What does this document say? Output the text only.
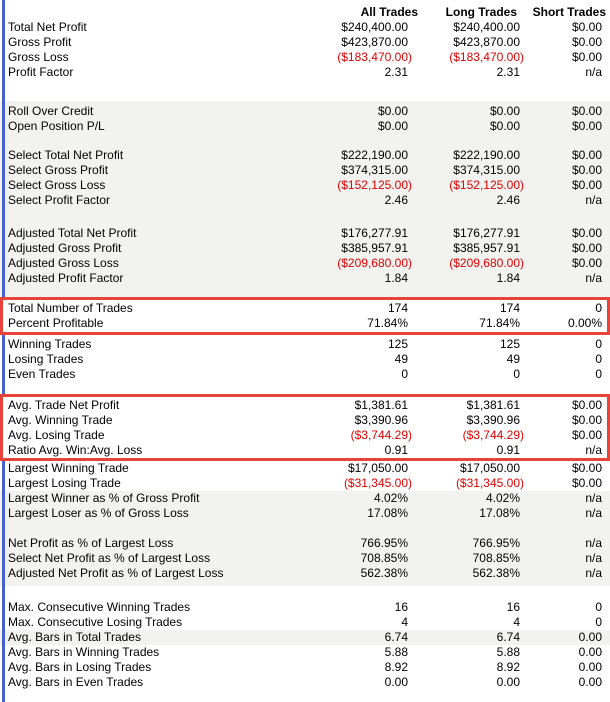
All Trades	Long Trades	Short Trades
Total Net Profit	$240,400.00	$240,400.00	$0.00
Gross Profit	$423,870.00	$423,870.00	$0.00
Gross Loss	($183,470.00)	($183,470.00)	$0.00
Profit Factor	2.31	2.31	n/a
Roll Over Credit	$0.00	$0.00	$0.00
Open Position P/L	$0.00	$0.00	$0.00
Select Total Net Profit	$222,190.00	$222,190.00	$0.00
Select Gross Profit	$374,315.00	$374,315.00	$0.00
Select Gross Loss	($152,125.00)	($152,125.00)	$0.00
Select Profit Factor	2.46	2.46	n/a
Adjusted Total Net Profit	$176,277.91	$176,277.91	$0.00
Adjusted Gross Profit	$385,957.91	$385,957.91	$0.00
Adjusted Gross Loss	($209,680.00)	($209,680.00)	$0.00
Adjusted Profit Factor	1.84	1.84	n/a
Total Number of Trades	174	174	0
Percent Profitable	71.84%	71.84%	0.00%
Winning Trades	125	125	0
Losing Trades	49	49	0
Even Trades	0	0	0
Avg. Trade Net Profit	$1,381.61	$1,381.61	$0.00
Avg. Winning Trade	$3,390.96	$3,390.96	$0.00
Avg. Losing Trade	($3,744.29)	($3,744.29)	$0.00
Ratio Avg. Win:Avg. Loss	0.91	0.91	n/a
Largest Winning Trade	$17,050.00	$17,050.00	$0.00
Largest Losing Trade	($31,345.00)	($31,345.00)	$0.00
Largest Winner as % of Gross Profit	4.02%	4.02%	n/a
Largest Loser as % of Gross Loss	17.08%	17.08%	n/a
Net Profit as % of Largest Loss	766.95%	766.95%	n/a
Select Net Profit as % of Largest Loss	708.85%	708.85%	n/a
Adjusted Net Profit as % of Largest Loss	562.38%	562.38%	n/a
Max. Consecutive Winning Trades	16	16	0
Max. Consecutive Losing Trades	4	4	0
Avg. Bars in Total Trades	6.74	6.74	0.00
Avg. Bars in Winning Trades	5.88	5.88	0.00
Avg. Bars in Losing Trades	8.92	8.92	0.00
Avg. Bars in Even Trades	0.00	0.00	0.00
